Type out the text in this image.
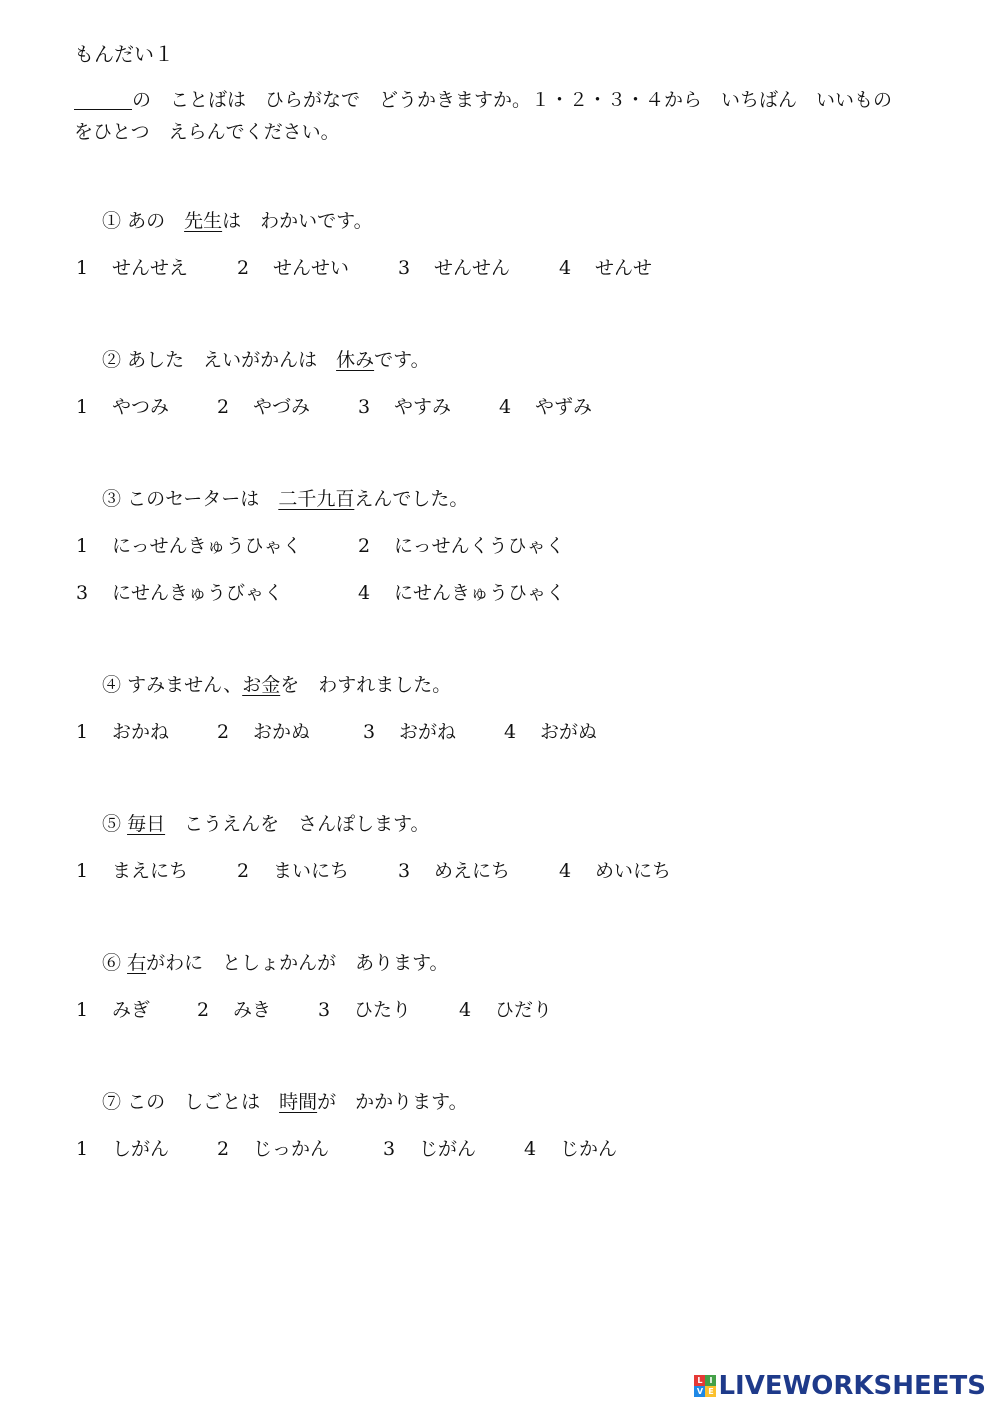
もんだい１
の　ことばは　ひらがなで　どうかきますか。１・２・３・４から　いちばん　いいもの
をひとつ　えらんでください。
① あの　先生は　わかいです。
1 せんせえ	2 せんせい	3 せんせん	4 せんせ
② あした　えいがかんは　休みです。
1 やつみ	2 やづみ	3 やすみ	4 やずみ
③ このセーターは　二千九百えんでした。
1 にっせんきゅうひゃく	2 にっせんくうひゃく
3 にせんきゅうびゃく	4 にせんきゅうひゃく
④ すみません、お金を　わすれました。
1 おかね	2 おかぬ	3 おがね	4 おがぬ
⑤ 毎日　こうえんを　さんぽします。
1 まえにち	2 まいにち	3 めえにち	4 めいにち
⑥ 右がわに　としょかんが　あります。
1 みぎ	2 みき	3 ひたり	4 ひだり
⑦ この　しごとは　時間が　かかります。
1 しがん	2 じっかん	3 じがん	4 じかん
L I
V E LIVEWORKSHEETS
